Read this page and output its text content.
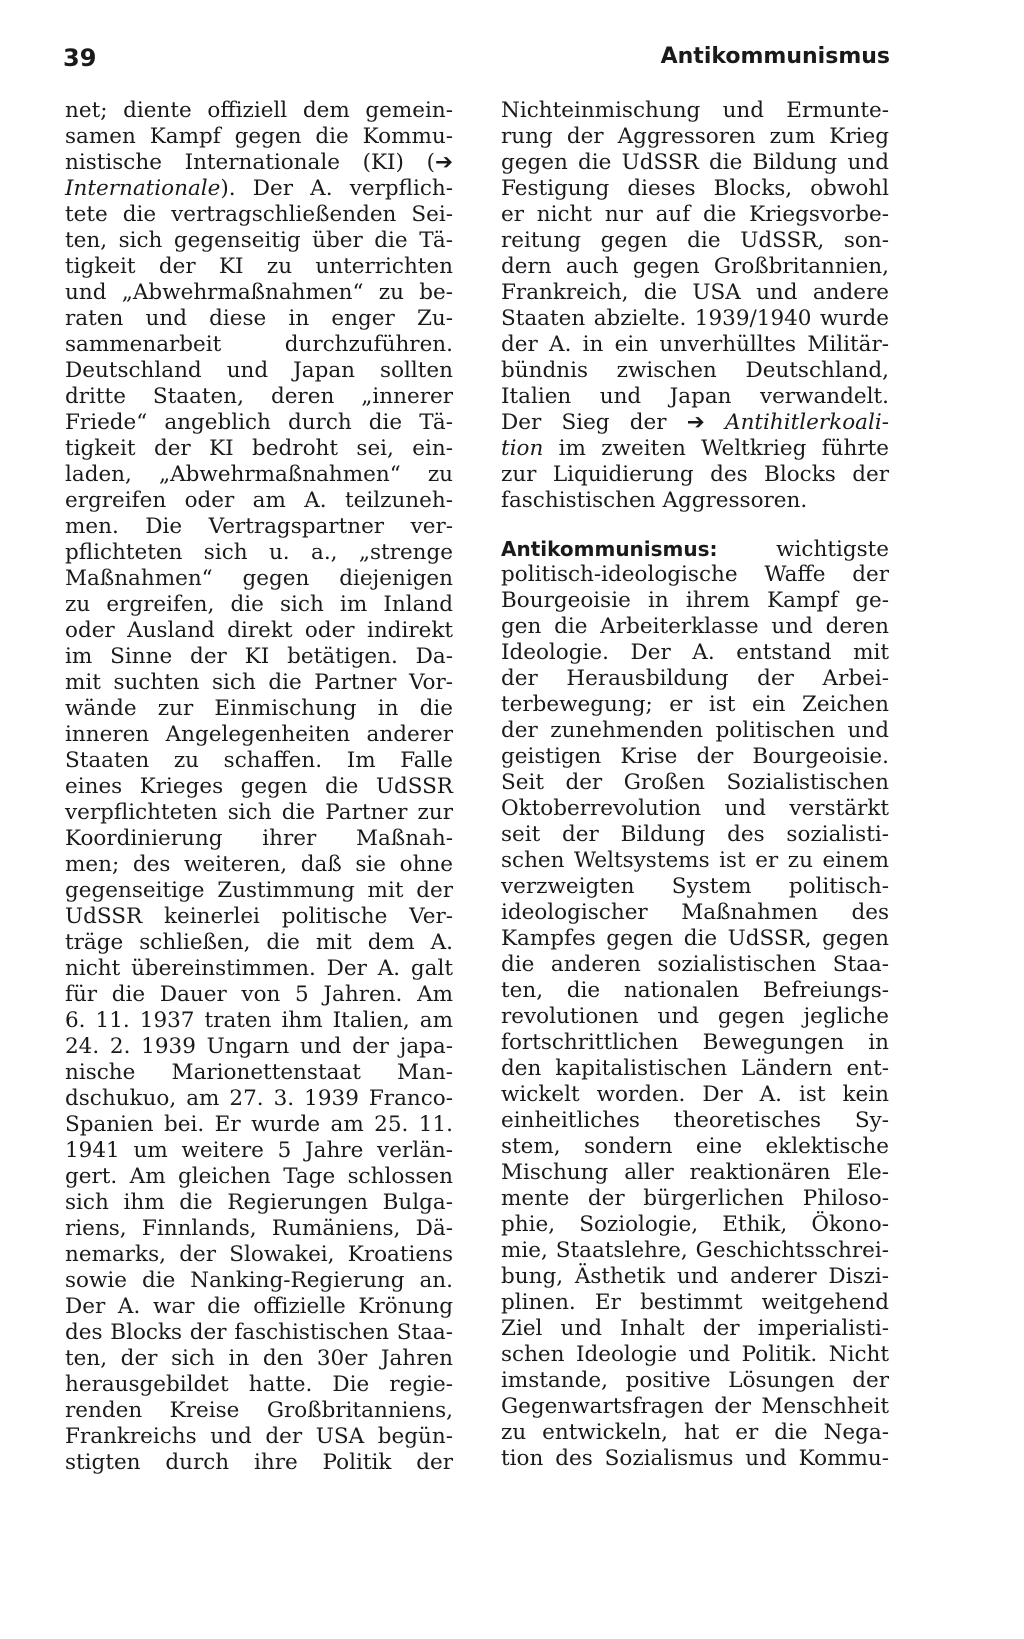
39	Antikommunismus
net; diente offiziell dem gemein-
samen Kampf gegen die Kommu-
nistische Internationale (KI) (➔
Internationale). Der A. verpflich-
tete die vertragschließenden Sei-
ten, sich gegenseitig über die Tä-
tigkeit der KI zu unterrichten
und „Abwehrmaßnahmen“ zu be-
raten und diese in enger Zu-
sammenarbeit durchzuführen.
Deutschland und Japan sollten
dritte Staaten, deren „innerer
Friede“ angeblich durch die Tä-
tigkeit der KI bedroht sei, ein-
laden, „Abwehrmaßnahmen“ zu
ergreifen oder am A. teilzuneh-
men. Die Vertragspartner ver-
pflichteten sich u. a., „strenge
Maßnahmen“ gegen diejenigen
zu ergreifen, die sich im Inland
oder Ausland direkt oder indirekt
im Sinne der KI betätigen. Da-
mit suchten sich die Partner Vor-
wände zur Einmischung in die
inneren Angelegenheiten anderer
Staaten zu schaffen. Im Falle
eines Krieges gegen die UdSSR
verpflichteten sich die Partner zur
Koordinierung ihrer Maßnah-
men; des weiteren, daß sie ohne
gegenseitige Zustimmung mit der
UdSSR keinerlei politische Ver-
träge schließen, die mit dem A.
nicht übereinstimmen. Der A. galt
für die Dauer von 5 Jahren. Am
6. 11. 1937 traten ihm Italien, am
24. 2. 1939 Ungarn und der japa-
nische Marionettenstaat Man-
dschukuo, am 27. 3. 1939 Franco-
Spanien bei. Er wurde am 25. 11.
1941 um weitere 5 Jahre verlän-
gert. Am gleichen Tage schlossen
sich ihm die Regierungen Bulga-
riens, Finnlands, Rumäniens, Dä-
nemarks, der Slowakei, Kroatiens
sowie die Nanking-Regierung an.
Der A. war die offizielle Krönung
des Blocks der faschistischen Staa-
ten, der sich in den 30er Jahren
herausgebildet hatte. Die regie-
renden Kreise Großbritanniens,
Frankreichs und der USA begün-
stigten durch ihre Politik der
Nichteinmischung und Ermunte-
rung der Aggressoren zum Krieg
gegen die UdSSR die Bildung und
Festigung dieses Blocks, obwohl
er nicht nur auf die Kriegsvorbe-
reitung gegen die UdSSR, son-
dern auch gegen Großbritannien,
Frankreich, die USA und andere
Staaten abzielte. 1939/1940 wurde
der A. in ein unverhülltes Militär-
bündnis zwischen Deutschland,
Italien und Japan verwandelt.
Der Sieg der ➔ Antihitlerkoali-
tion im zweiten Weltkrieg führte
zur Liquidierung des Blocks der
faschistischen Aggressoren.
Antikommunismus:	wichtigste
politisch-ideologische Waffe der
Bourgeoisie in ihrem Kampf ge-
gen die Arbeiterklasse und deren
Ideologie. Der A. entstand mit
der Herausbildung der Arbei-
terbewegung; er ist ein Zeichen
der zunehmenden politischen und
geistigen Krise der Bourgeoisie.
Seit der Großen Sozialistischen
Oktoberrevolution und verstärkt
seit der Bildung des sozialisti-
schen Weltsystems ist er zu einem
verzweigten System politisch-
ideologischer Maßnahmen des
Kampfes gegen die UdSSR, gegen
die anderen sozialistischen Staa-
ten, die nationalen Befreiungs-
revolutionen und gegen jegliche
fortschrittlichen Bewegungen in
den kapitalistischen Ländern ent-
wickelt worden. Der A. ist kein
einheitliches theoretisches Sy-
stem, sondern eine eklektische
Mischung aller reaktionären Ele-
mente der bürgerlichen Philoso-
phie, Soziologie, Ethik, Ökono-
mie, Staatslehre, Geschichtsschrei-
bung, Ästhetik und anderer Diszi-
plinen. Er bestimmt weitgehend
Ziel und Inhalt der imperialisti-
schen Ideologie und Politik. Nicht
imstande, positive Lösungen der
Gegenwartsfragen der Menschheit
zu entwickeln, hat er die Nega-
tion des Sozialismus und Kommu-
